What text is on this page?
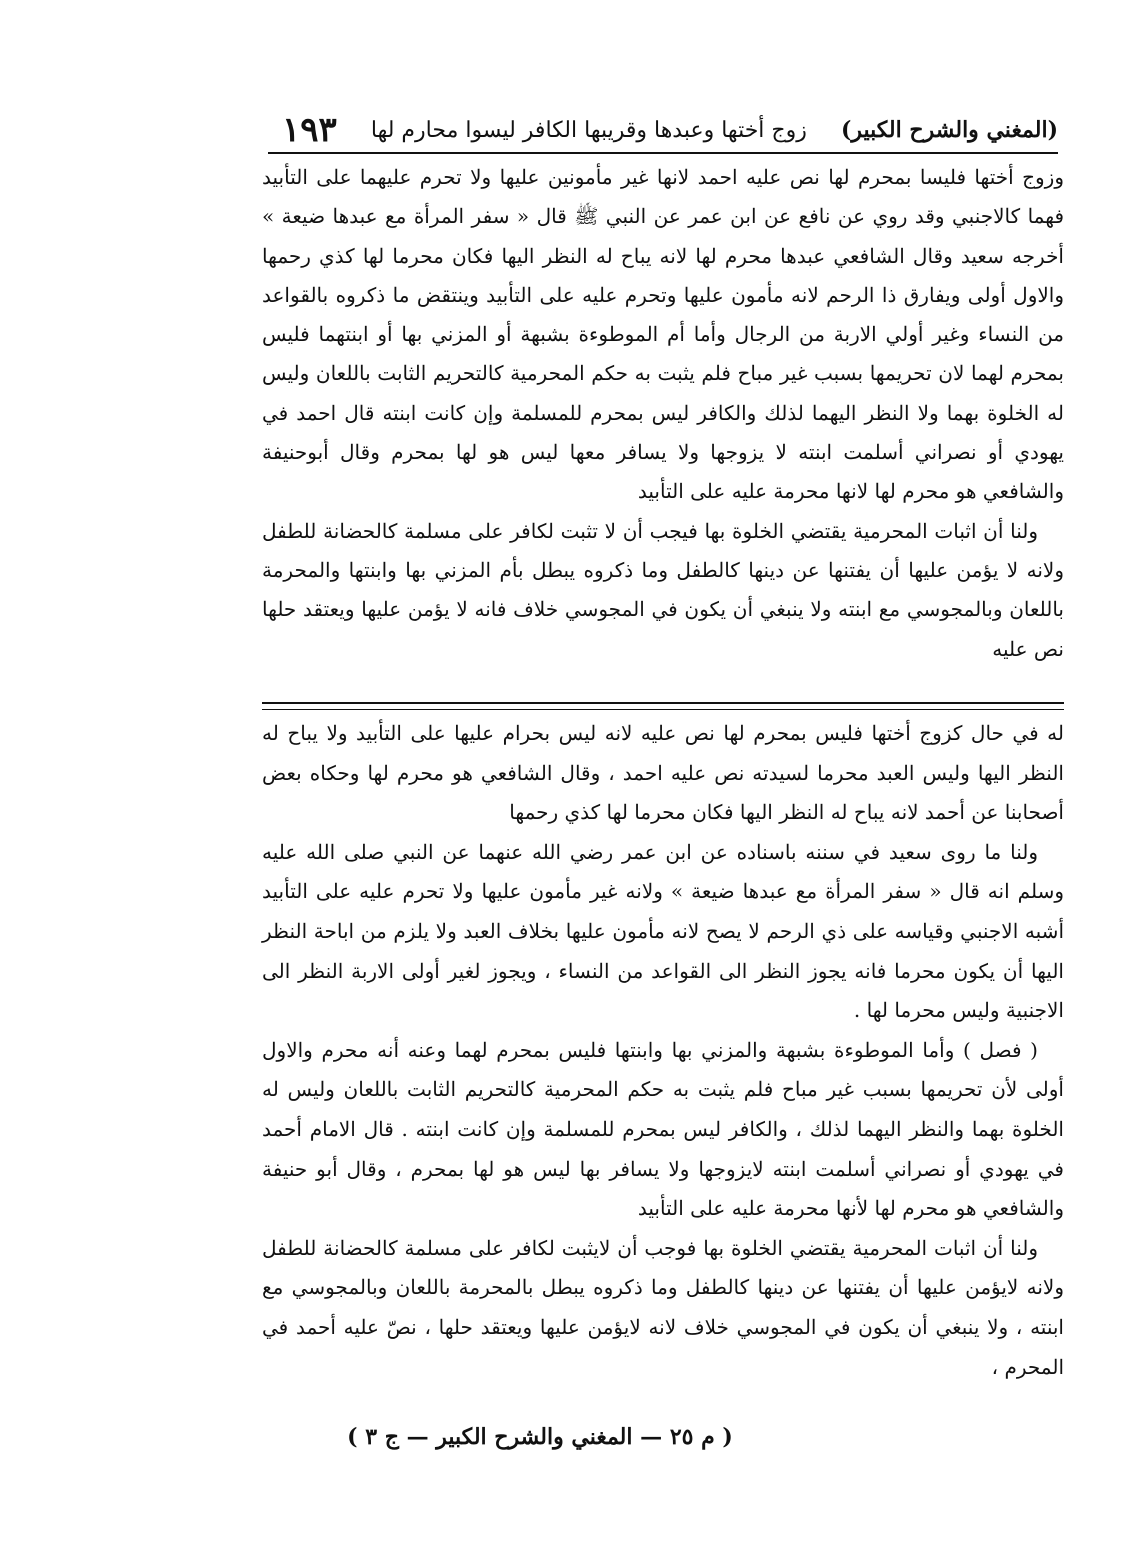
(المغني والشرح الكبير)
زوج أختها وعبدها وقريبها الكافر ليسوا محارم لها
١٩٣

وزوج أختها فليسا بمحرم لها نص عليه احمد لانها غير مأمونين عليها ولا تحرم عليهما على التأبيد فهما كالاجنبي وقد روي عن نافع عن ابن عمر عن النبي ﷺ قال « سفر المرأة مع عبدها ضيعة » أخرجه سعيد وقال الشافعي عبدها محرم لها لانه يباح له النظر اليها فكان محرما لها كذي رحمها والاول أولى ويفارق ذا الرحم لانه مأمون عليها وتحرم عليه على التأبيد وينتقض ما ذكروه بالقواعد من النساء وغير أولي الاربة من الرجال وأما أم الموطوءة بشبهة أو المزني بها أو ابنتهما فليس بمحرم لهما لان تحريمها بسبب غير مباح فلم يثبت به حكم المحرمية كالتحريم الثابت باللعان وليس له الخلوة بهما ولا النظر اليهما لذلك والكافر ليس بمحرم للمسلمة وإن كانت ابنته قال احمد في يهودي أو نصراني أسلمت ابنته لا يزوجها ولا يسافر معها ليس هو لها بمحرم وقال أبوحنيفة والشافعي هو محرم لها لانها محرمة عليه على التأبيد

ولنا أن اثبات المحرمية يقتضي الخلوة بها فيجب أن لا تثبت لكافر على مسلمة كالحضانة للطفل ولانه لا يؤمن عليها أن يفتنها عن دينها كالطفل وما ذكروه يبطل بأم المزني بها وابنتها والمحرمة باللعان وبالمجوسي مع ابنته ولا ينبغي أن يكون في المجوسي خلاف فانه لا يؤمن عليها ويعتقد حلها نص عليه

له في حال كزوج أختها فليس بمحرم لها نص عليه لانه ليس بحرام عليها على التأبيد ولا يباح له النظر اليها وليس العبد محرما لسيدته نص عليه احمد ، وقال الشافعي هو محرم لها وحكاه بعض أصحابنا عن أحمد لانه يباح له النظر اليها فكان محرما لها كذي رحمها

ولنا ما روى سعيد في سننه باسناده عن ابن عمر رضي الله عنهما عن النبي صلى الله عليه وسلم انه قال « سفر المرأة مع عبدها ضيعة » ولانه غير مأمون عليها ولا تحرم عليه على التأبيد أشبه الاجنبي وقياسه على ذي الرحم لا يصح لانه مأمون عليها بخلاف العبد ولا يلزم من اباحة النظر اليها أن يكون محرما فانه يجوز النظر الى القواعد من النساء ، ويجوز لغير أولى الاربة النظر الى الاجنبية وليس محرما لها .

( فصل ) وأما الموطوءة بشبهة والمزني بها وابنتها فليس بمحرم لهما وعنه أنه محرم والاول أولى لأن تحريمها بسبب غير مباح فلم يثبت به حكم المحرمية كالتحريم الثابت باللعان وليس له الخلوة بهما والنظر اليهما لذلك ، والكافر ليس بمحرم للمسلمة وإن كانت ابنته . قال الامام أحمد في يهودي أو نصراني أسلمت ابنته لايزوجها ولا يسافر بها ليس هو لها بمحرم ، وقال أبو حنيفة والشافعي هو محرم لها لأنها محرمة عليه على التأبيد

ولنا أن اثبات المحرمية يقتضي الخلوة بها فوجب أن لايثبت لكافر على مسلمة كالحضانة للطفل ولانه لايؤمن عليها أن يفتنها عن دينها كالطفل وما ذكروه يبطل بالمحرمة باللعان وبالمجوسي مع ابنته ، ولا ينبغي أن يكون في المجوسي خلاف لانه لايؤمن عليها ويعتقد حلها ، نصّ عليه أحمد في المحرم ،

( م ٢٥ — المغني والشرح الكبير — ج ٣ )
